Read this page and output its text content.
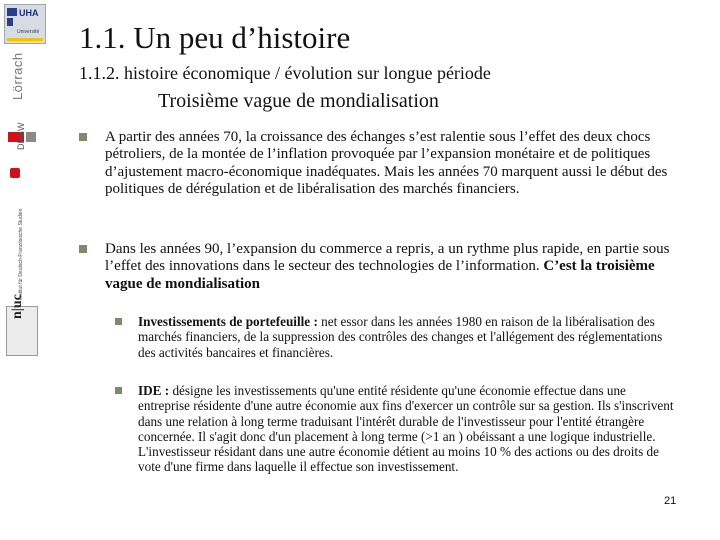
UHA
Université
Lörrach
DHBW
Institut für Deutsch-Französische Studien
n|uc
1.1. Un peu d’histoire
1.1.2. histoire économique / évolution sur longue période
Troisième vague de mondialisation
A partir des années 70, la croissance des échanges s’est ralentie sous l’effet des deux chocs pétroliers, de la montée de l’inflation provoquée par l’expansion monétaire et de politiques d’ajustement macro-économique inadéquates. Mais les années 70 marquent aussi le début des politiques de dérégulation et de libéralisation des marchés financiers.
Dans les années 90, l’expansion du commerce a repris, a un rythme plus rapide, en partie sous l’effet des innovations dans le secteur des technologies de l’information. C’est la troisième vague de mondialisation
Investissements de portefeuille : net essor dans les années 1980 en raison de la libéralisation des marchés financiers, de la suppression des contrôles des changes et l'allégement des réglementations des activités bancaires et financières.
IDE : désigne les investissements qu'une entité résidente qu'une économie effectue dans une entreprise résidente d'une autre économie aux fins d'exercer un contrôle sur sa gestion. Ils s'inscrivent dans une relation à long terme traduisant l'intérêt durable de l'investisseur pour l'entité étrangère concernée. Il s'agit donc d'un placement à long terme (>1 an ) obéissant a une logique industrielle. L'investisseur résidant dans une autre économie détient au moins 10 % des actions ou des droits de vote d'une firme dans laquelle il effectue son investissement.
21
